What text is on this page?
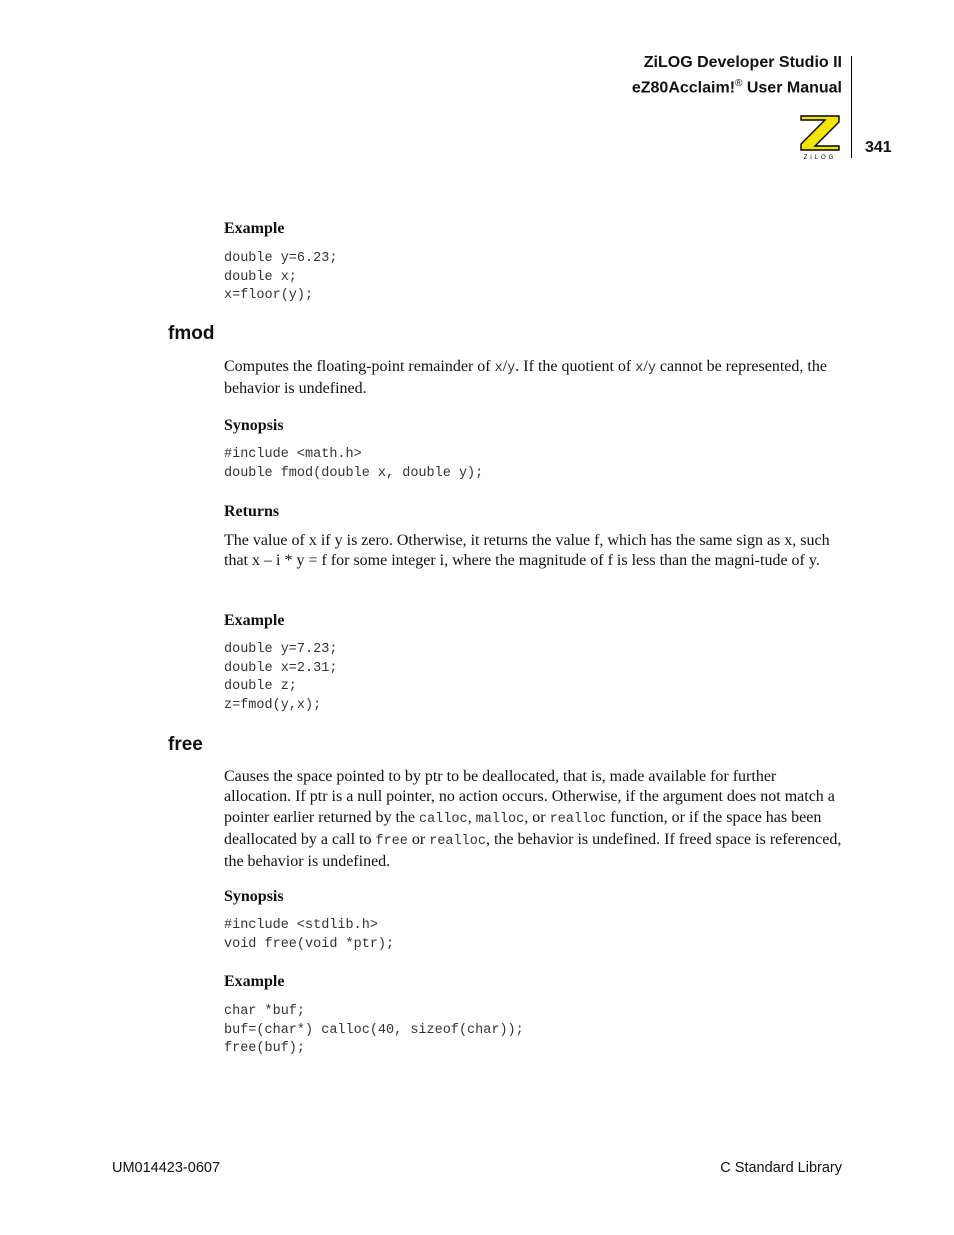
ZiLOG Developer Studio II
eZ80Acclaim!® User Manual
ZiLOG
341
Example
double y=6.23;
double x;
x=floor(y);
fmod
Computes the floating-point remainder of x/y. If the quotient of x/y cannot be represented, the behavior is undefined.
Synopsis
#include <math.h>
double fmod(double x, double y);
Returns
The value of x if y is zero. Otherwise, it returns the value f, which has the same sign as x, such that x – i * y = f for some integer i, where the magnitude of f is less than the magni-tude of y.
Example
double y=7.23;
double x=2.31;
double z;
z=fmod(y,x);
free
Causes the space pointed to by ptr to be deallocated, that is, made available for further allocation. If ptr is a null pointer, no action occurs. Otherwise, if the argument does not match a pointer earlier returned by the calloc, malloc, or realloc function, or if the space has been deallocated by a call to free or realloc, the behavior is undefined. If freed space is referenced, the behavior is undefined.
Synopsis
#include <stdlib.h>
void free(void *ptr);
Example
char *buf;
buf=(char*) calloc(40, sizeof(char));
free(buf);
UM014423-0607	C Standard Library
